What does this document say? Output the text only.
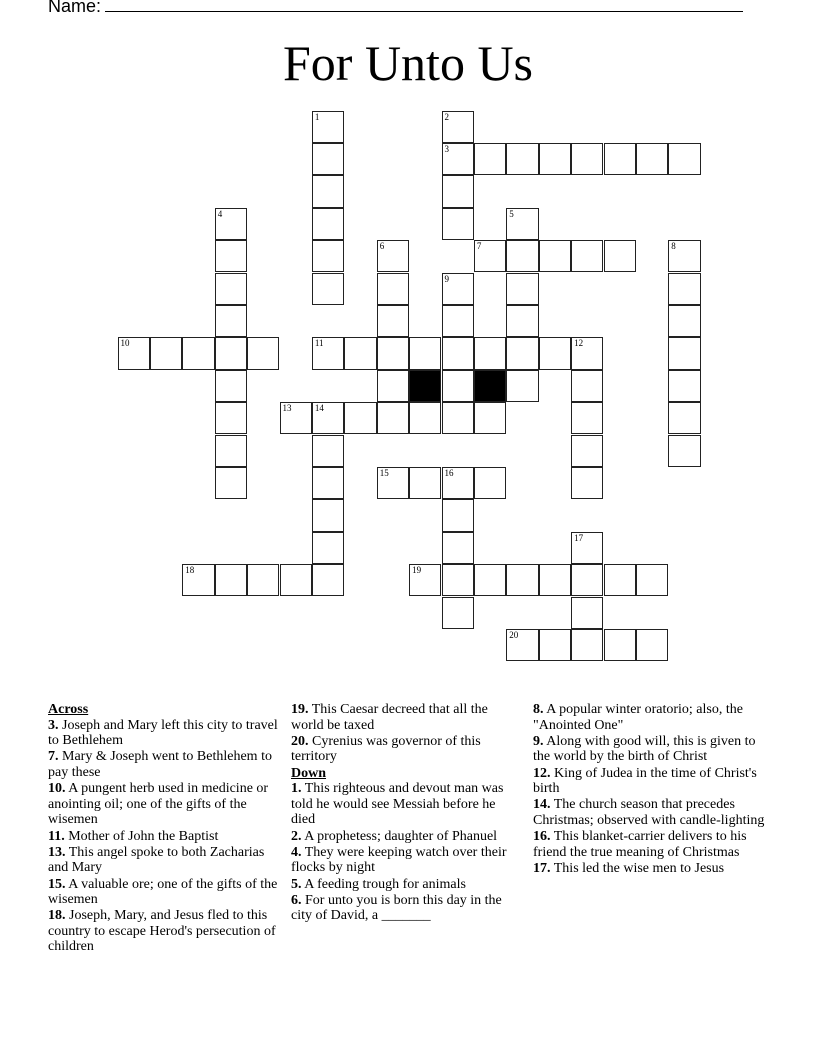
Name:
For Unto Us
1	2
3
4	5
6	7	8
9
10	11	12
13	14
15	16
17
18	19
20
Across
3. Joseph and Mary left this city to travel to Bethlehem
7. Mary & Joseph went to Bethlehem to pay these
10. A pungent herb used in medicine or anointing oil; one of the gifts of the wisemen
11. Mother of John the Baptist
13. This angel spoke to both Zacharias and Mary
15. A valuable ore; one of the gifts of the wisemen
18. Joseph, Mary, and Jesus fled to this country to escape Herod's persecution of children
19. This Caesar decreed that all the world be taxed
20. Cyrenius was governor of this territory
Down
1. This righteous and devout man was told he would see Messiah before he died
2. A prophetess; daughter of Phanuel
4. They were keeping watch over their flocks by night
5. A feeding trough for animals
6. For unto you is born this day in the city of David, a _______
8. A popular winter oratorio; also, the "Anointed One"
9. Along with good will, this is given to the world by the birth of Christ
12. King of Judea in the time of Christ's birth
14. The church season that precedes Christmas; observed with candle-lighting
16. This blanket-carrier delivers to his friend the true meaning of Christmas
17. This led the wise men to Jesus
